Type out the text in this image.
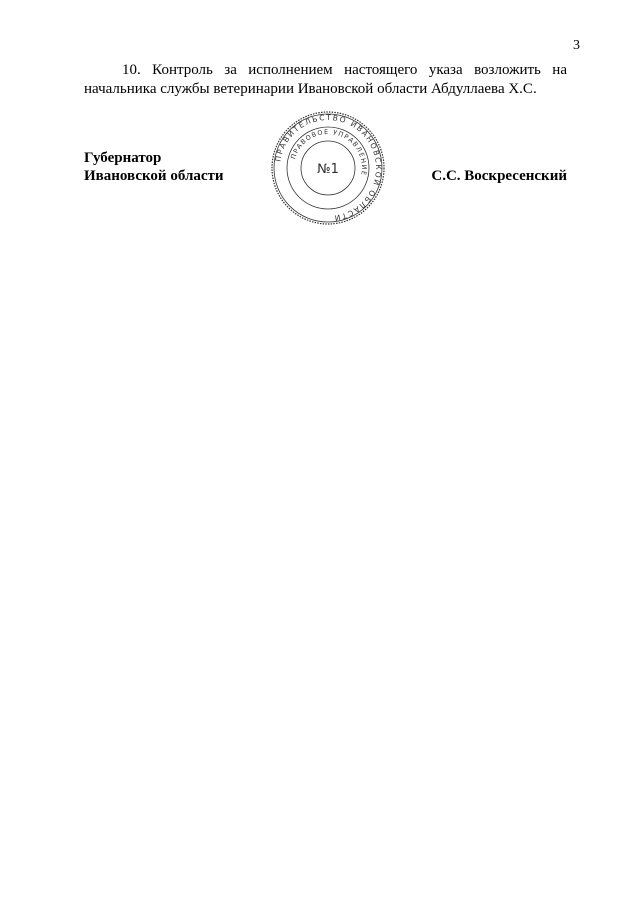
3

10. Контроль за исполнением настоящего указа возложить на начальника службы ветеринарии Ивановской области Абдуллаева Х.С.

Губернатор
Ивановской области
ПРАВИТЕЛЬСТВО ИВАНОВСКОЙ ОБЛАСТИ
ПРАВОВОЕ УПРАВЛЕНИЕ
№1	С.С. Воскресенский
